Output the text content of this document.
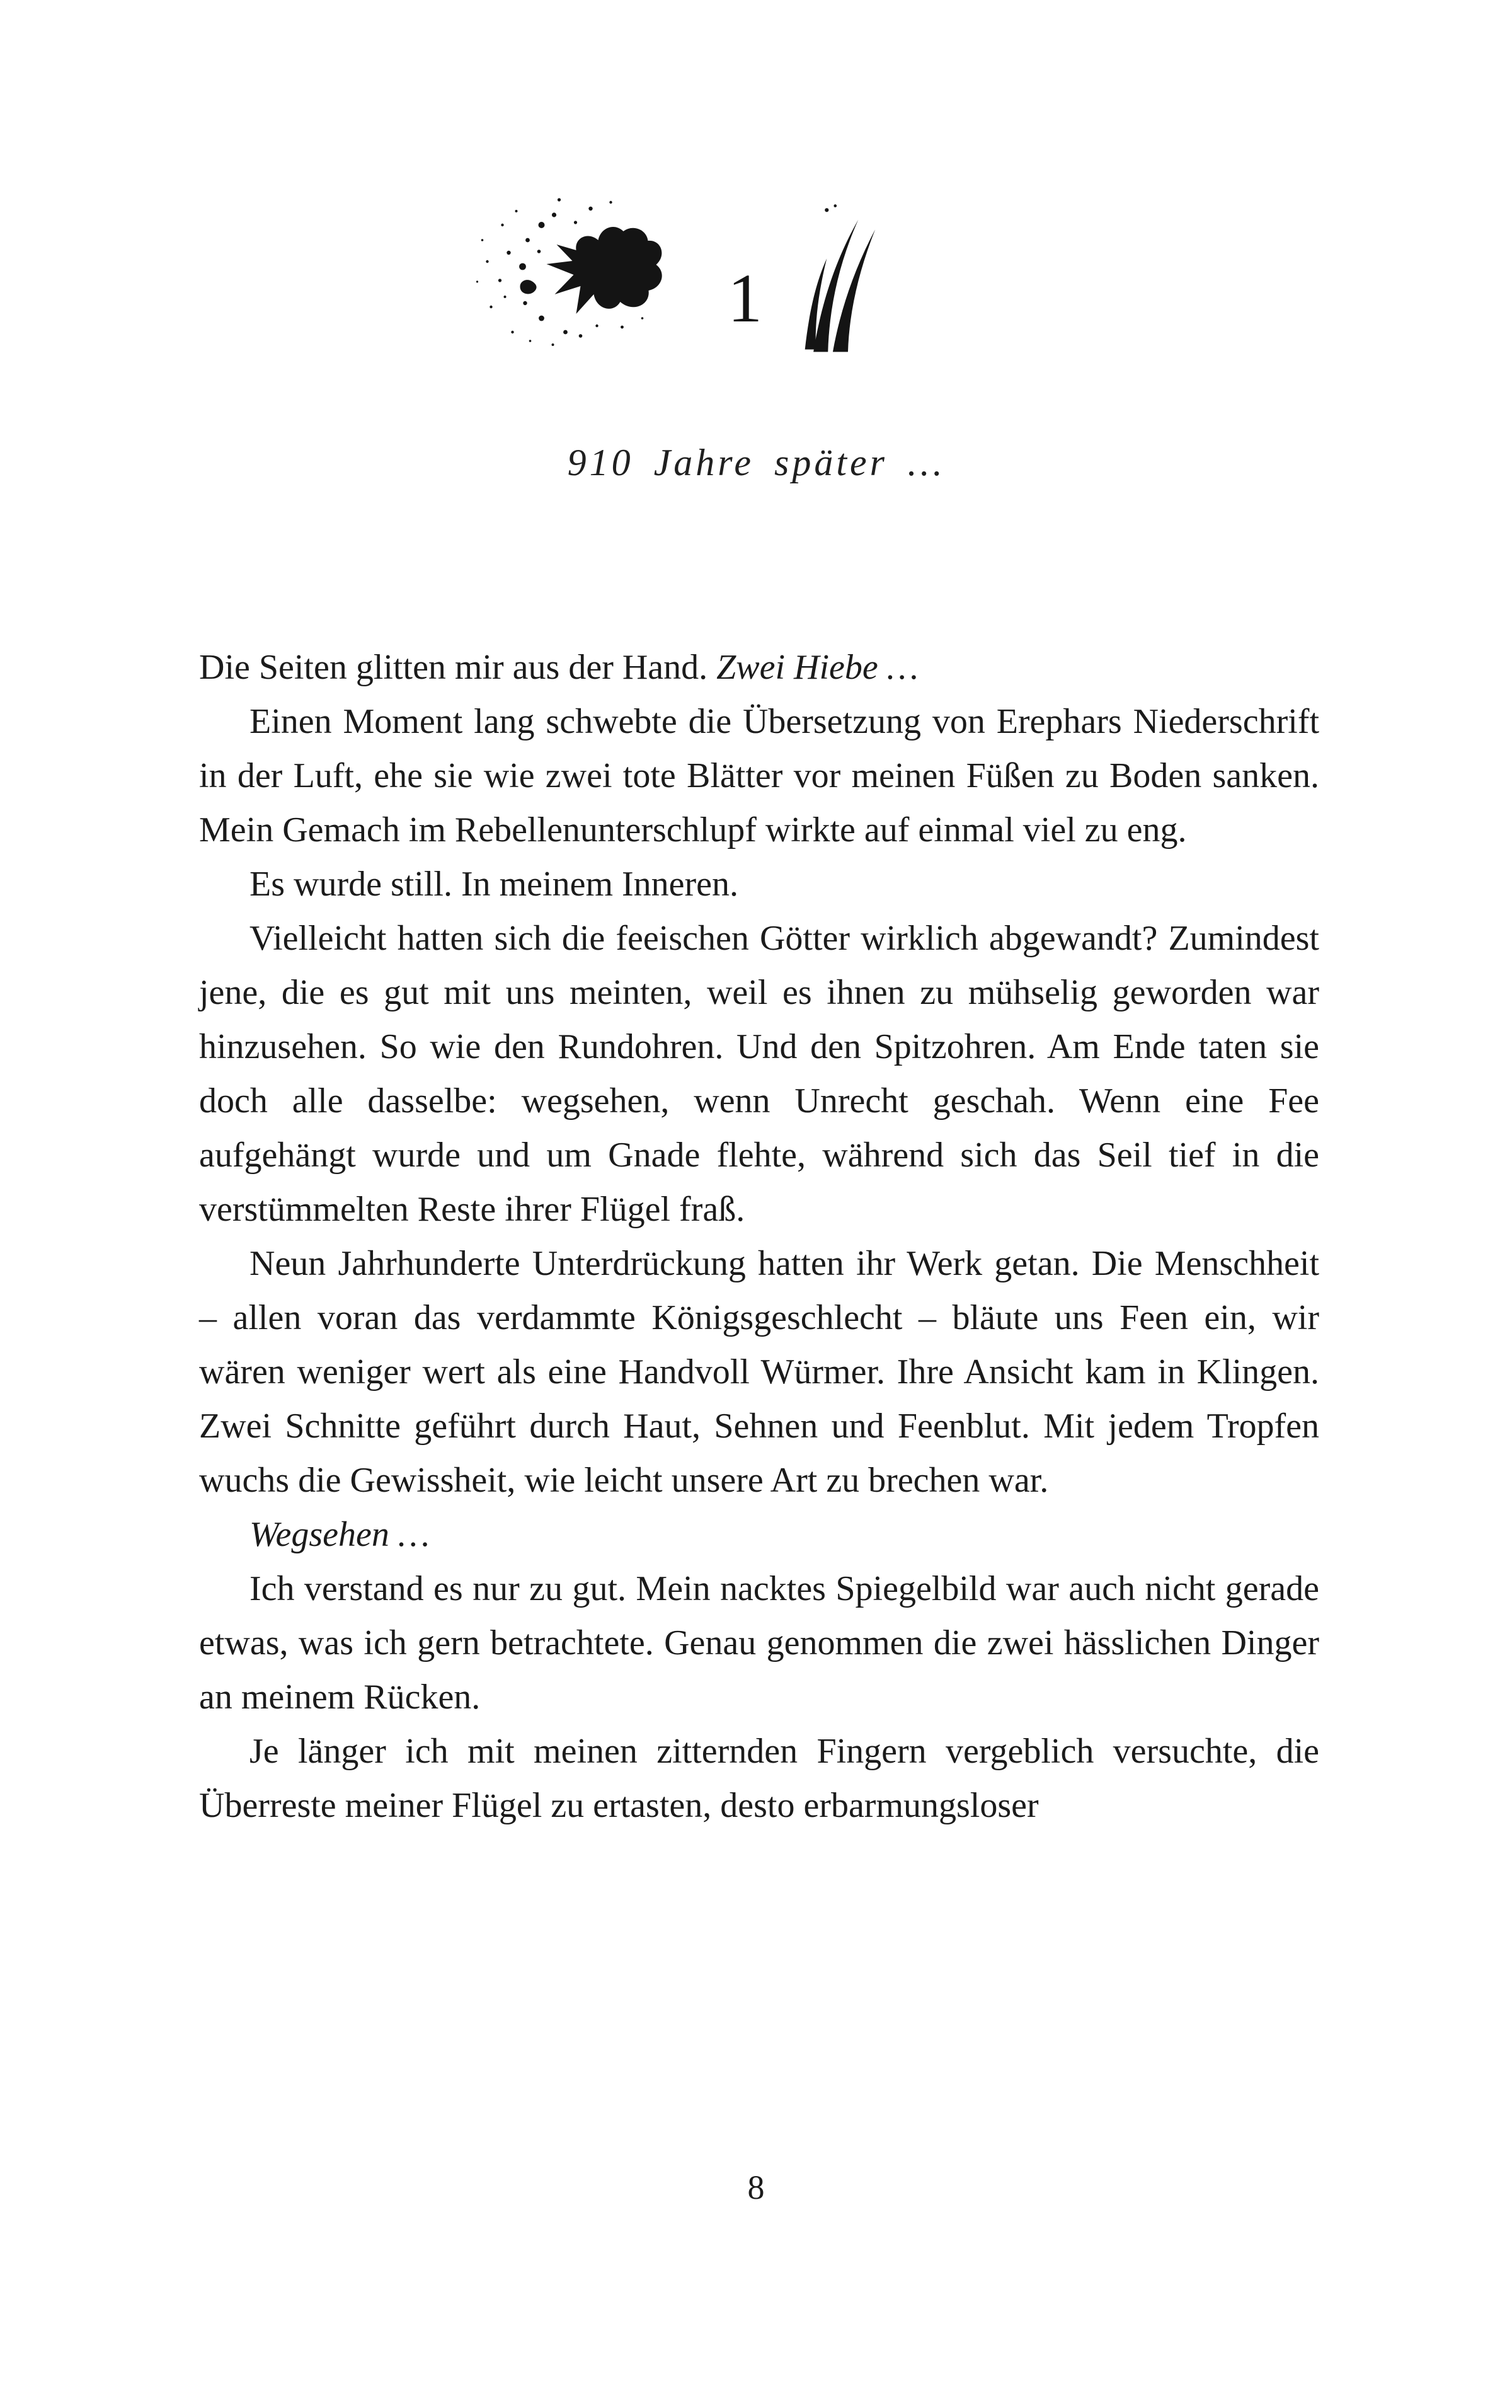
1
910 Jahre später …

Die Seiten glitten mir aus der Hand. Zwei Hiebe …

Einen Moment lang schwebte die Übersetzung von Erephars Niederschrift in der Luft, ehe sie wie zwei tote Blätter vor meinen Füßen zu Boden sanken. Mein Gemach im Rebellenunterschlupf wirkte auf einmal viel zu eng.

Es wurde still. In meinem Inneren.

Vielleicht hatten sich die feeischen Götter wirklich abgewandt? Zumindest jene, die es gut mit uns meinten, weil es ihnen zu mühselig geworden war hinzusehen. So wie den Rundohren. Und den Spitzohren. Am Ende taten sie doch alle dasselbe: wegsehen, wenn Unrecht geschah. Wenn eine Fee aufgehängt wurde und um Gnade flehte, während sich das Seil tief in die verstümmelten Reste ihrer Flügel fraß.

Neun Jahrhunderte Unterdrückung hatten ihr Werk getan. Die Menschheit – allen voran das verdammte Königsgeschlecht – bläute uns Feen ein, wir wären weniger wert als eine Handvoll Würmer. Ihre Ansicht kam in Klingen. Zwei Schnitte geführt durch Haut, Sehnen und Feenblut. Mit jedem Tropfen wuchs die Gewissheit, wie leicht unsere Art zu brechen war.

Wegsehen …

Ich verstand es nur zu gut. Mein nacktes Spiegelbild war auch nicht gerade etwas, was ich gern betrachtete. Genau genommen die zwei hässlichen Dinger an meinem Rücken.

Je länger ich mit meinen zitternden Fingern vergeblich versuchte, die Überreste meiner Flügel zu ertasten, desto erbarmungsloser

8
